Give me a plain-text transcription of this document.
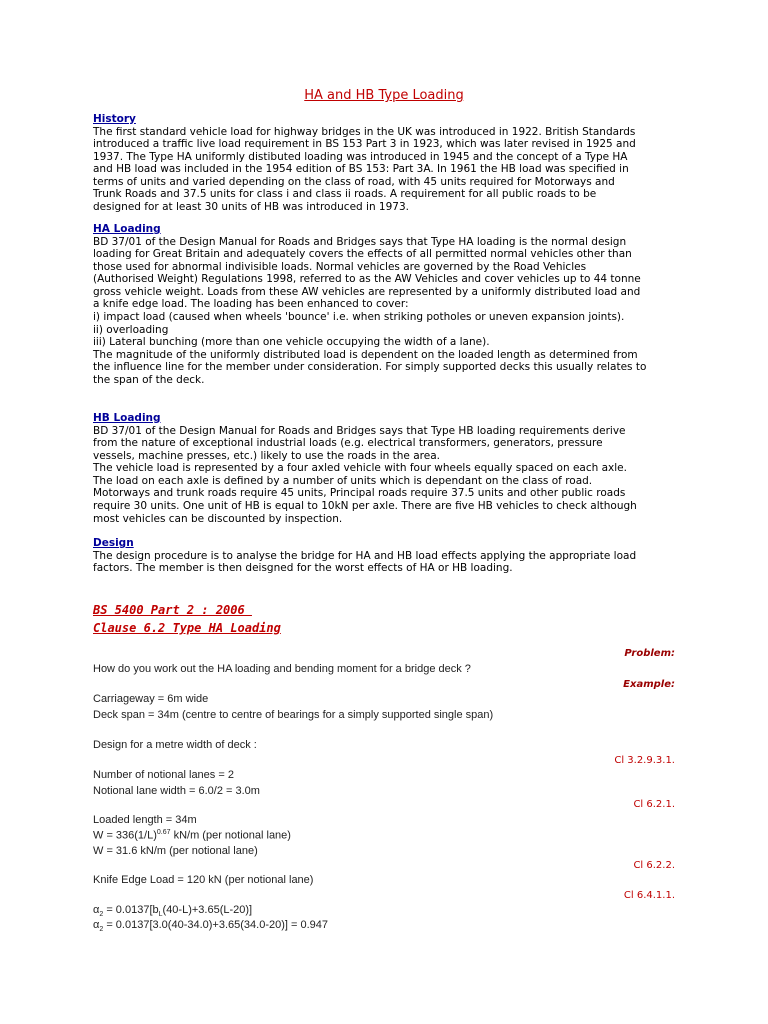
HA and HB Type Loading
History
The first standard vehicle load for highway bridges in the UK was introduced in 1922. British Standards
introduced a traffic live load requirement in BS 153 Part 3 in 1923, which was later revised in 1925 and
1937. The Type HA uniformly distibuted loading was introduced in 1945 and the concept of a Type HA
and HB load was included in the 1954 edition of BS 153: Part 3A. In 1961 the HB load was specified in
terms of units and varied depending on the class of road, with 45 units required for Motorways and
Trunk Roads and 37.5 units for class i and class ii roads. A requirement for all public roads to be
designed for at least 30 units of HB was introduced in 1973.
HA Loading
BD 37/01 of the Design Manual for Roads and Bridges says that Type HA loading is the normal design
loading for Great Britain and adequately covers the effects of all permitted normal vehicles other than
those used for abnormal indivisible loads. Normal vehicles are governed by the Road Vehicles
(Authorised Weight) Regulations 1998, referred to as the AW Vehicles and cover vehicles up to 44 tonne
gross vehicle weight. Loads from these AW vehicles are represented by a uniformly distributed load and
a knife edge load. The loading has been enhanced to cover:
i) impact load (caused when wheels 'bounce' i.e. when striking potholes or uneven expansion joints).
ii) overloading
iii) Lateral bunching (more than one vehicle occupying the width of a lane).
The magnitude of the uniformly distributed load is dependent on the loaded length as determined from
the influence line for the member under consideration. For simply supported decks this usually relates to
the span of the deck.
HB Loading
BD 37/01 of the Design Manual for Roads and Bridges says that Type HB loading requirements derive
from the nature of exceptional industrial loads (e.g. electrical transformers, generators, pressure
vessels, machine presses, etc.) likely to use the roads in the area.
The vehicle load is represented by a four axled vehicle with four wheels equally spaced on each axle.
The load on each axle is defined by a number of units which is dependant on the class of road.
Motorways and trunk roads require 45 units, Principal roads require 37.5 units and other public roads
require 30 units. One unit of HB is equal to 10kN per axle. There are five HB vehicles to check although
most vehicles can be discounted by inspection.
Design
The design procedure is to analyse the bridge for HA and HB load effects applying the appropriate load
factors. The member is then deisgned for the worst effects of HA or HB loading.
BS 5400 Part 2 : 2006
Clause 6.2 Type HA Loading
Problem:
How do you work out the HA loading and bending moment for a bridge deck ?
Example:
Carriageway = 6m wide
Deck span = 34m (centre to centre of bearings for a simply supported single span)
Design for a metre width of deck :
Cl 3.2.9.3.1.
Number of notional lanes = 2
Notional lane width = 6.0/2 = 3.0m
Cl 6.2.1.
Loaded length = 34m
$W = 336(1/L)^{0.67}$ kN/m (per notional lane)
W = 31.6 kN/m (per notional lane)
Cl 6.2.2.
Knife Edge Load = 120 kN (per notional lane)
Cl 6.4.1.1.
$\alpha_2 = 0.0137[b_L(40-L)+3.65(L-20)]$
$\alpha_2 = 0.0137[3.0(40-34.0)+3.65(34.0-20)] = 0.947$
